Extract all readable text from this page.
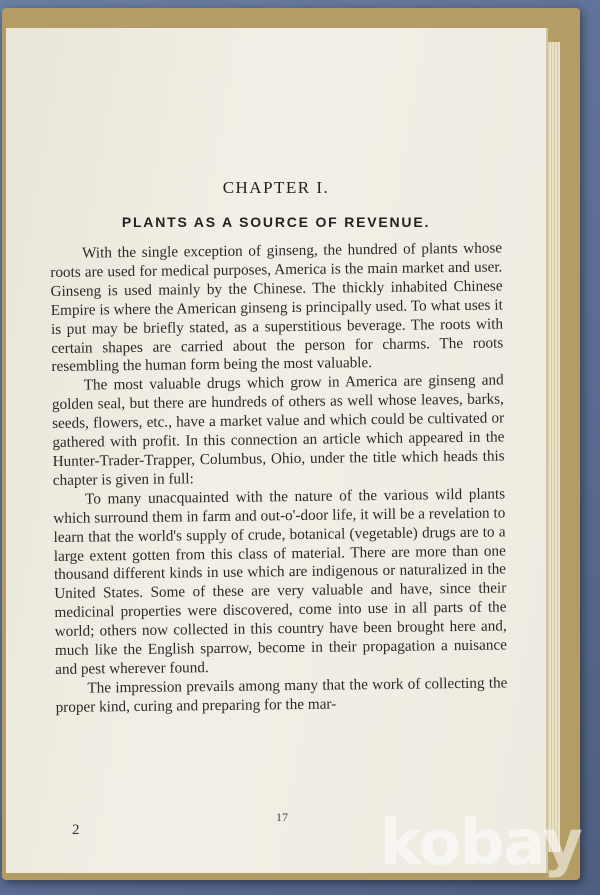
CHAPTER I.
PLANTS AS A SOURCE OF REVENUE.

With the single exception of ginseng, the hundred of plants whose roots are used for medical purposes, America is the main market and user. Ginseng is used mainly by the Chinese. The thickly inhabited Chinese Empire is where the American ginseng is principally used. To what uses it is put may be briefly stated, as a superstitious beverage. The roots with certain shapes are carried about the person for charms. The roots resembling the human form being the most valuable.

The most valuable drugs which grow in America are ginseng and golden seal, but there are hundreds of others as well whose leaves, barks, seeds, flowers, etc., have a market value and which could be cultivated or gathered with profit. In this connection an article which appeared in the Hunter-Trader-Trapper, Columbus, Ohio, under the title which heads this chapter is given in full:

To many unacquainted with the nature of the various wild plants which surround them in farm and out-o'-door life, it will be a revelation to learn that the world's supply of crude, botanical (vegetable) drugs are to a large extent gotten from this class of material. There are more than one thousand different kinds in use which are indigenous or naturalized in the United States. Some of these are very valuable and have, since their medicinal properties were discovered, come into use in all parts of the world; others now collected in this country have been brought here and, much like the English sparrow, become in their propagation a nuisance and pest wherever found.

The impression prevails among many that the work of collecting the proper kind, curing and preparing for the mar-

2
17 kobay
